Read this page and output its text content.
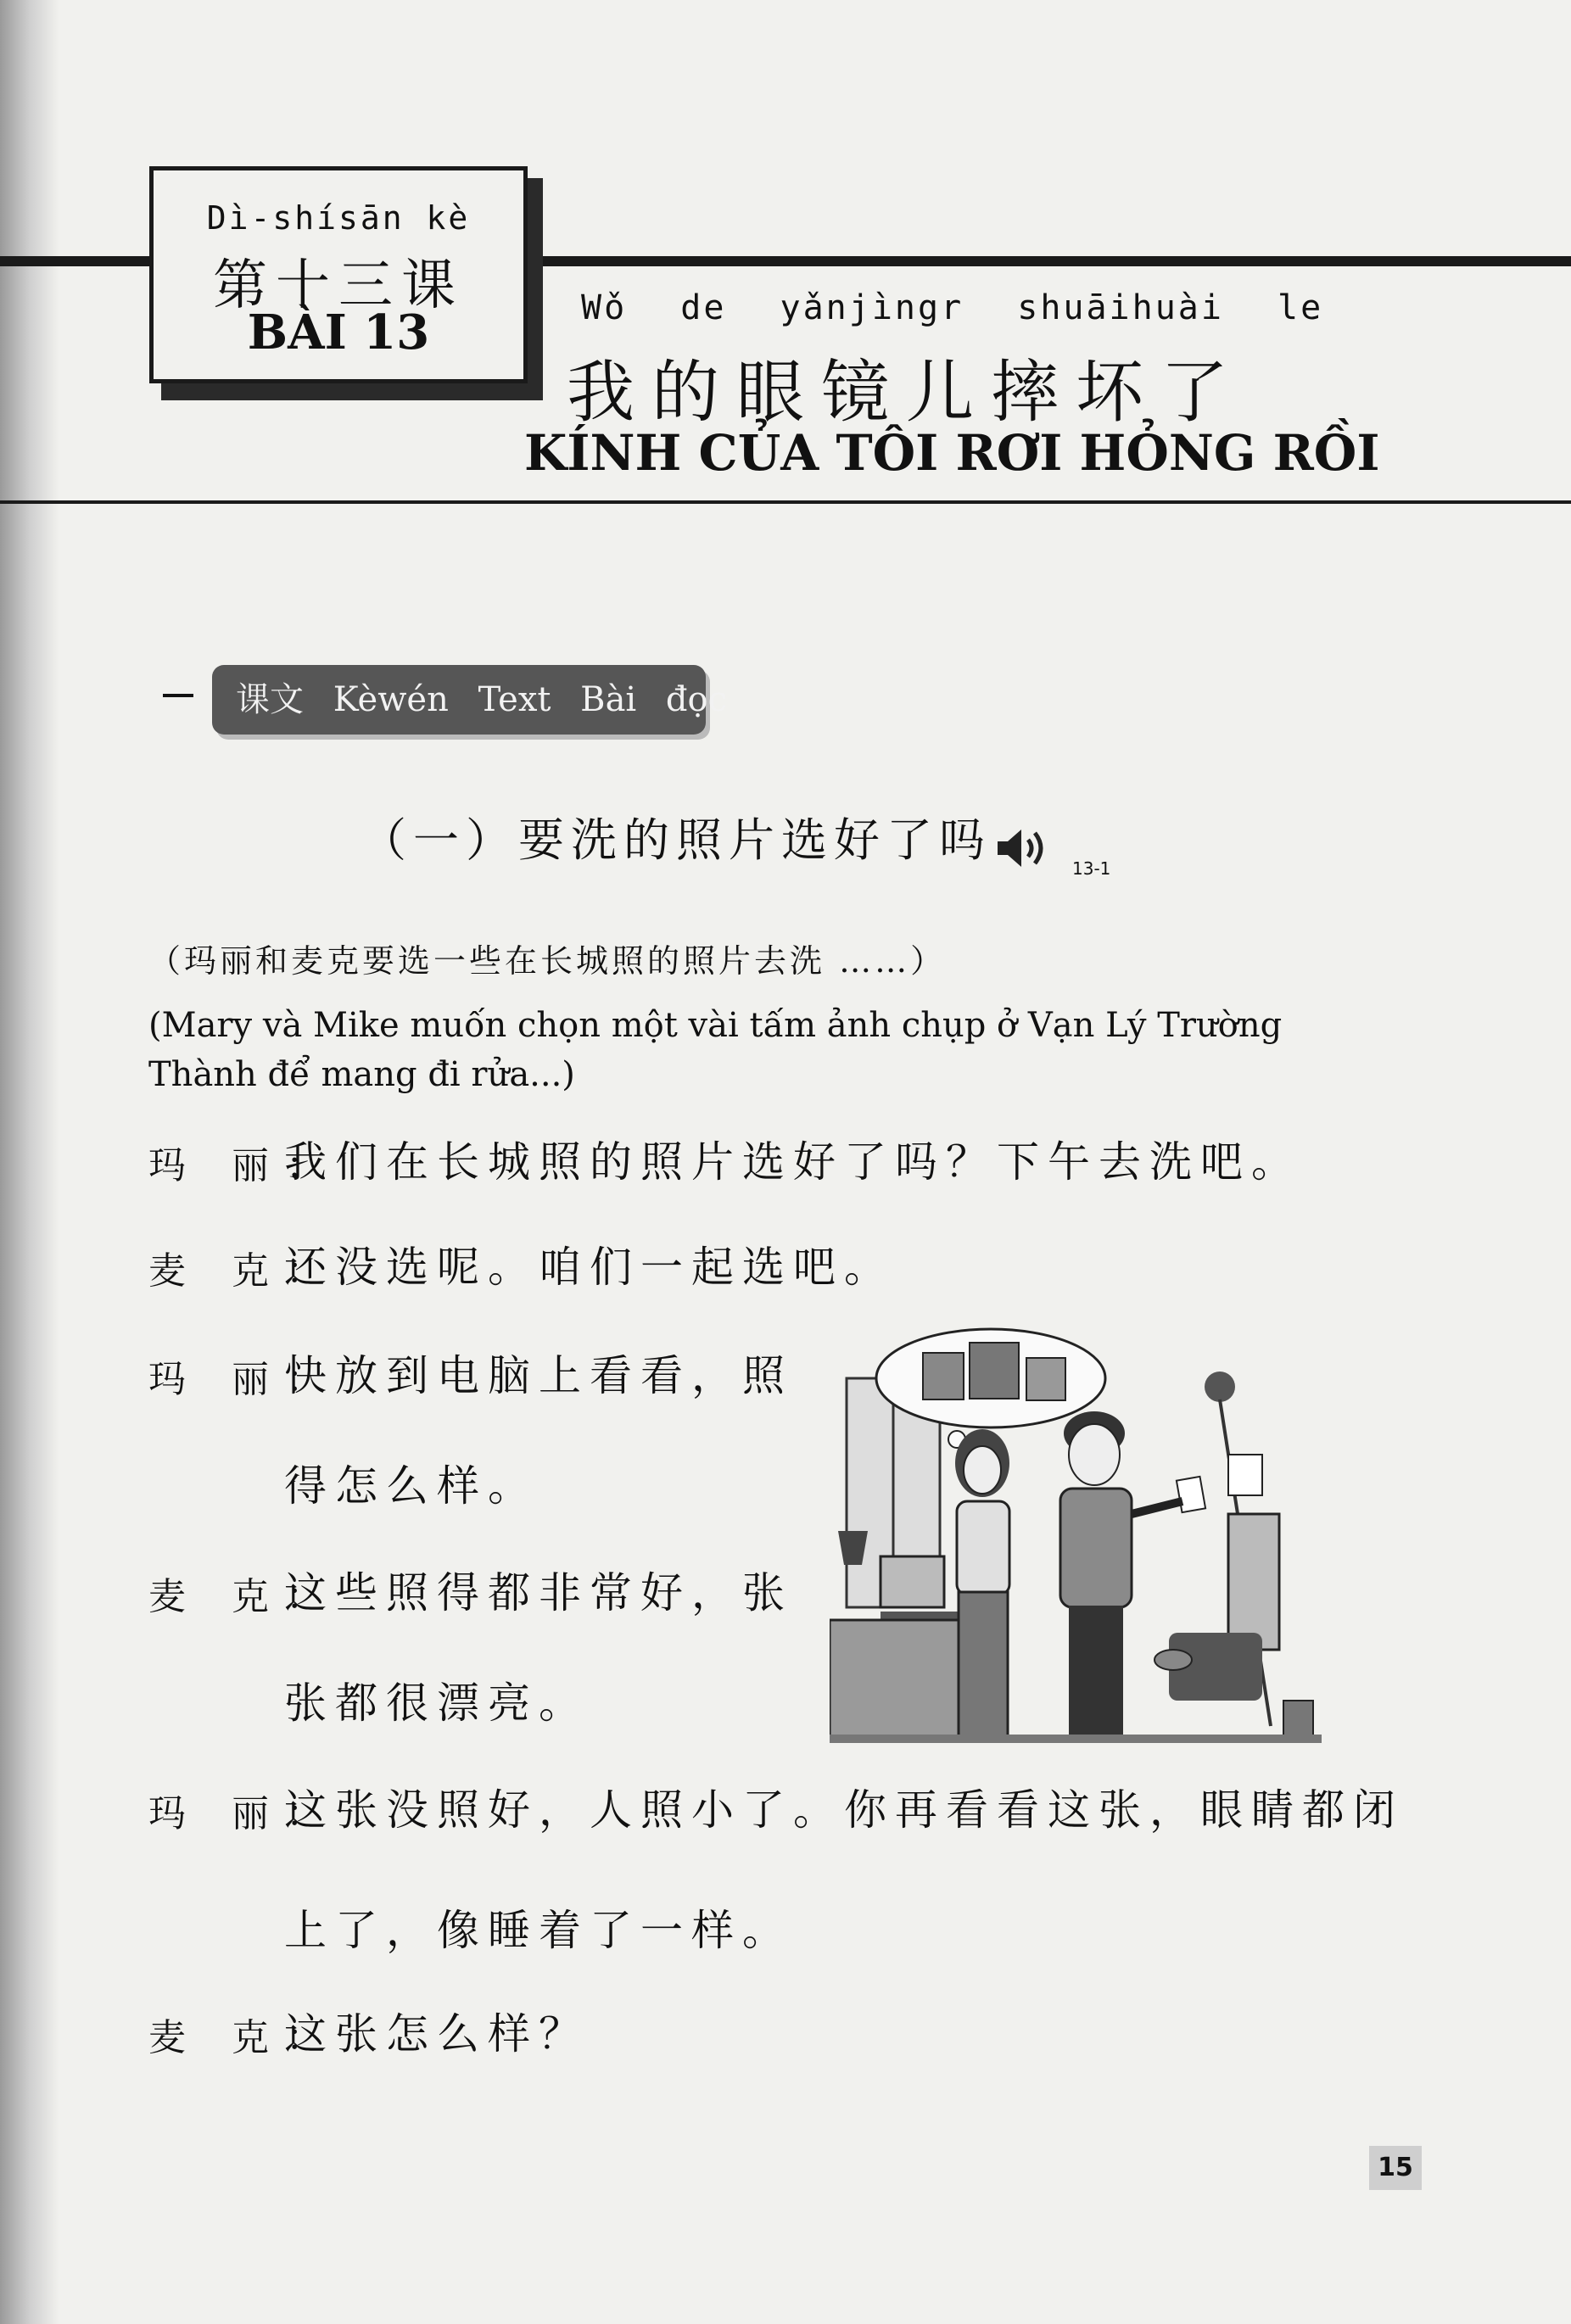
Dì-shísān kè
第十三课
BÀI 13	Wǒ de yǎnjìngr shuāihuài le
我的眼镜儿摔坏了
KÍNH CỦA TÔI RƠI HỎNG RỒI
课文 Kèwén Text Bài đọc
（一）要洗的照片选好了吗
13-1
（玛丽和麦克要选一些在长城照的照片去洗 ……）
(Mary và Mike muốn chọn một vài tấm ảnh chụp ở Vạn Lý Trường Thành để mang đi rửa...)
玛 丽：
我们在长城照的照片选好了吗？下午去洗吧。
麦 克：
还没选呢。咱们一起选吧。
玛 丽：
快放到电脑上看看，照
得怎么样。
麦 克：
这些照得都非常好，张
张都很漂亮。
玛 丽：
这张没照好，人照小了。你再看看这张，眼睛都闭
上了，像睡着了一样。
麦 克：
这张怎么样？
15
